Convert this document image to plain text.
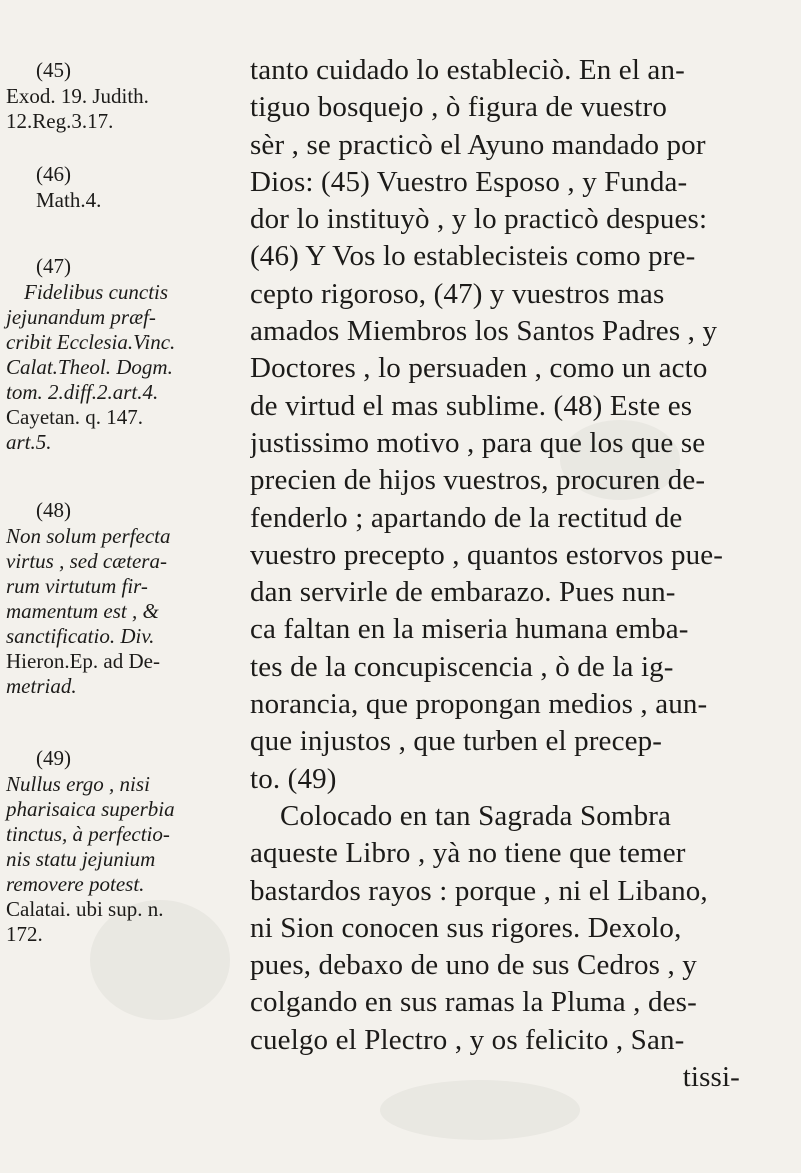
(45)
Exod. 19. Judith.
12.Reg.3.17.
(46)
Math.4.
(47)
Fidelibus cunctis
jejunandum præf-
cribit Ecclesia.Vinc.
Calat.Theol. Dogm.
tom. 2.diff.2.art.4.
Cayetan. q. 147.
art.5.
(48)
Non solum perfecta
virtus , sed cætera-
rum virtutum fir-
mamentum est , &
sanctificatio. Div.
Hieron.Ep. ad De-
metriad.
(49)
Nullus ergo , nisi
pharisaica superbia
tinctus, à perfectio-
nis statu jejunium
removere potest.
Calatai. ubi sup. n.
172.
tanto cuidado lo estableciò. En el an-
tiguo bosquejo , ò figura de vuestro
sèr , se practicò el Ayuno mandado por
Dios: (45) Vuestro Esposo , y Funda-
dor lo instituyò , y lo practicò despues:
(46) Y Vos lo establecisteis como pre-
cepto rigoroso, (47) y vuestros mas
amados Miembros los Santos Padres , y
Doctores , lo persuaden , como un acto
de virtud el mas sublime. (48) Este es
justissimo motivo , para que los que se
precien de hijos vuestros, procuren de-
fenderlo ; apartando de la rectitud de
vuestro precepto , quantos estorvos pue-
dan servirle de embarazo. Pues nun-
ca faltan en la miseria humana emba-
tes de la concupiscencia , ò de la ig-
norancia, que propongan medios , aun-
que injustos , que turben el precep-
to. (49)
Colocado en tan Sagrada Sombra
aqueste Libro , yà no tiene que temer
bastardos rayos : porque , ni el Libano,
ni Sion conocen sus rigores. Dexolo,
pues, debaxo de uno de sus Cedros , y
colgando en sus ramas la Pluma , des-
cuelgo el Plectro , y os felicito , San-
tissi-
